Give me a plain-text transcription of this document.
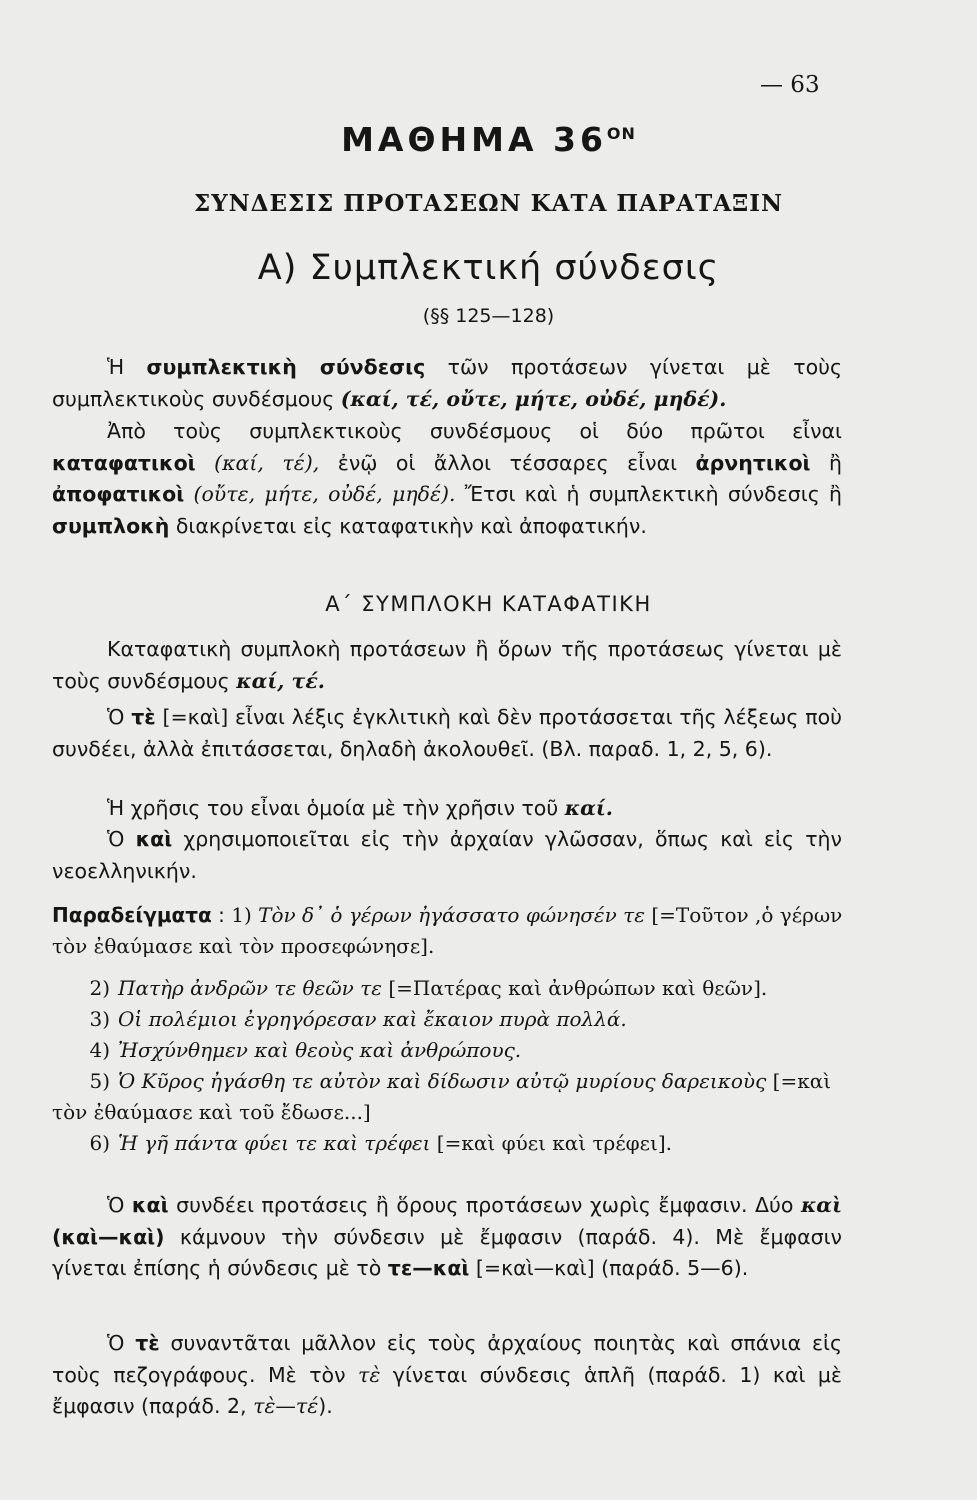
— 63
ΜΑΘΗΜΑ $36^{ON}$
ΣΥΝΔΕΣΙΣ ΠΡΟΤΑΣΕΩΝ ΚΑΤΑ ΠΑΡΑΤΑΞΙΝ
Α) Συμπλεκτική σύνδεσις
(§§ 125—128)
Ἡ συμπλεκτικὴ σύνδεσις τῶν προτάσεων γίνεται μὲ τοὺς συμπλεκτικοὺς συνδέσμους (καί, τέ, οὔτε, μήτε, οὐδέ, μηδέ).
Ἀπὸ τοὺς συμπλεκτικοὺς συνδέσμους οἱ δύο πρῶτοι εἶναι καταφατικοὶ (καί, τέ), ἐνῷ οἱ ἄλλοι τέσσαρες εἶναι ἀρνητικοὶ ἢ ἀποφατικοὶ (οὔτε, μήτε, οὐδέ, μηδέ). Ἔτσι καὶ ἡ συμπλεκτικὴ σύνδεσις ἢ συμπλοκὴ διακρίνεται εἰς καταφατικὴν καὶ ἀποφατικήν.
Α΄ ΣΥΜΠΛΟΚΗ ΚΑΤΑΦΑΤΙΚΗ
Καταφατικὴ συμπλοκὴ προτάσεων ἢ ὅρων τῆς προτάσεως γίνεται μὲ τοὺς συνδέσμους καί, τέ.
Ὁ τὲ [=καὶ] εἶναι λέξις ἐγκλιτικὴ καὶ δὲν προτάσσεται τῆς λέξεως ποὺ συνδέει, ἀλλὰ ἐπιτάσσεται, δηλαδὴ ἀκολουθεῖ. (Βλ. παραδ. 1, 2, 5, 6).
Ἡ χρῆσις του εἶναι ὁμοία μὲ τὴν χρῆσιν τοῦ καί.
Ὁ καὶ χρησιμοποιεῖται εἰς τὴν ἀρχαίαν γλῶσσαν, ὅπως καὶ εἰς τὴν νεοελληνικήν.
Παραδείγματα : 1) Τὸν δ᾽ ὁ γέρων ἠγάσσατο φώνησέν τε [=Τοῦτον ,ὁ γέρων τὸν ἐθαύμασε καὶ τὸν προσεφώνησε].
2) Πατὴρ ἀνδρῶν τε θεῶν τε [=Πατέρας καὶ ἀνθρώπων καὶ θεῶν].
3) Οἱ πολέμιοι ἐγρηγόρεσαν καὶ ἔκαιον πυρὰ πολλά.
4) Ἠσχύνθημεν καὶ θεοὺς καὶ ἀνθρώπους.
5) Ὁ Κῦρος ἠγάσθη τε αὐτὸν καὶ δίδωσιν αὐτῷ μυρίους δαρεικοὺς [=καὶ τὸν ἐθαύμασε καὶ τοῦ ἔδωσε...]
6) Ἡ γῆ πάντα φύει τε καὶ τρέφει [=καὶ φύει καὶ τρέφει].
Ὁ καὶ συνδέει προτάσεις ἢ ὅρους προτάσεων χωρὶς ἔμφασιν. Δύο καὶ (καὶ—καὶ) κάμνουν τὴν σύνδεσιν μὲ ἔμφασιν (παράδ. 4). Μὲ ἔμφασιν γίνεται ἐπίσης ἡ σύνδεσις μὲ τὸ τε—καὶ [=καὶ—καὶ] (παράδ. 5—6).
Ὁ τὲ συναντᾶται μᾶλλον εἰς τοὺς ἀρχαίους ποιητὰς καὶ σπάνια εἰς τοὺς πεζογράφους. Μὲ τὸν τὲ γίνεται σύνδεσις ἁπλῆ (παράδ. 1) καὶ μὲ ἔμφασιν (παράδ. 2, τὲ—τέ).
